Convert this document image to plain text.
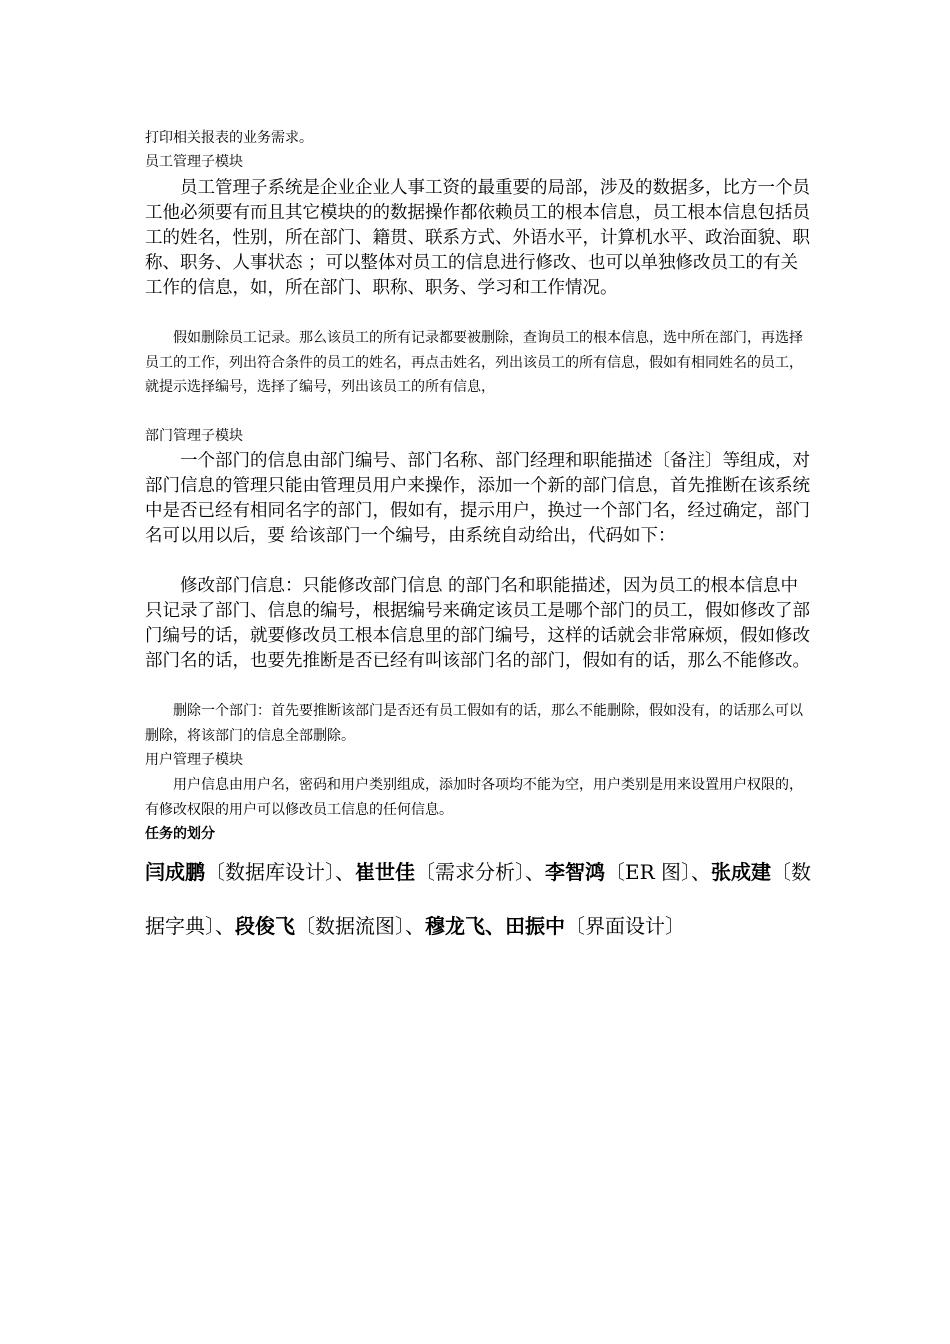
打印相关报表的业务需求。

员工管理子模块

员工管理子系统是企业企业人事工资的最重要的局部，涉及的数据多，比方一个员工他必须要有而且其它模块的的数据操作都依赖员工的根本信息，员工根本信息包括员工的姓名，性别，所在部门、籍贯、联系方式、外语水平，计算机水平、政治面貌、职称、职务、人事状态 ；可以整体对员工的信息进行修改、也可以单独修改员工的有关工作的信息，如，所在部门、职称、职务、学习和工作情况。

假如删除员工记录。那么该员工的所有记录都要被删除，查询员工的根本信息，选中所在部门，再选择员工的工作，列出符合条件的员工的姓名，再点击姓名，列出该员工的所有信息，假如有相同姓名的员工，就提示选择编号，选择了编号，列出该员工的所有信息，

部门管理子模块

一个部门的信息由部门编号、部门名称、部门经理和职能描述〔备注〕等组成，对部门信息的管理只能由管理员用户来操作，添加一个新的部门信息，首先推断在该系统中是否已经有相同名字的部门，假如有，提示用户，换过一个部门名，经过确定，部门名可以用以后，要 给该部门一个编号，由系统自动给出，代码如下：

修改部门信息：只能修改部门信息 的部门名和职能描述，因为员工的根本信息中只记录了部门、信息的编号，根据编号来确定该员工是哪个部门的员工，假如修改了部门编号的话，就要修改员工根本信息里的部门编号，这样的话就会非常麻烦，假如修改部门名的话，也要先推断是否已经有叫该部门名的部门，假如有的话，那么不能修改。

删除一个部门：首先要推断该部门是否还有员工假如有的话，那么不能删除，假如没有，的话那么可以删除，将该部门的信息全部删除。

用户管理子模块

用户信息由用户名，密码和用户类别组成，添加时各项均不能为空，用户类别是用来设置用户权限的，有修改权限的用户可以修改员工信息的任何信息。

任务的划分

闫成鹏〔数据库设计〕、崔世佳〔需求分析〕、李智鸿〔ER 图〕、张成建〔数据字典〕、段俊飞〔数据流图〕、穆龙飞、田振中〔界面设计〕
